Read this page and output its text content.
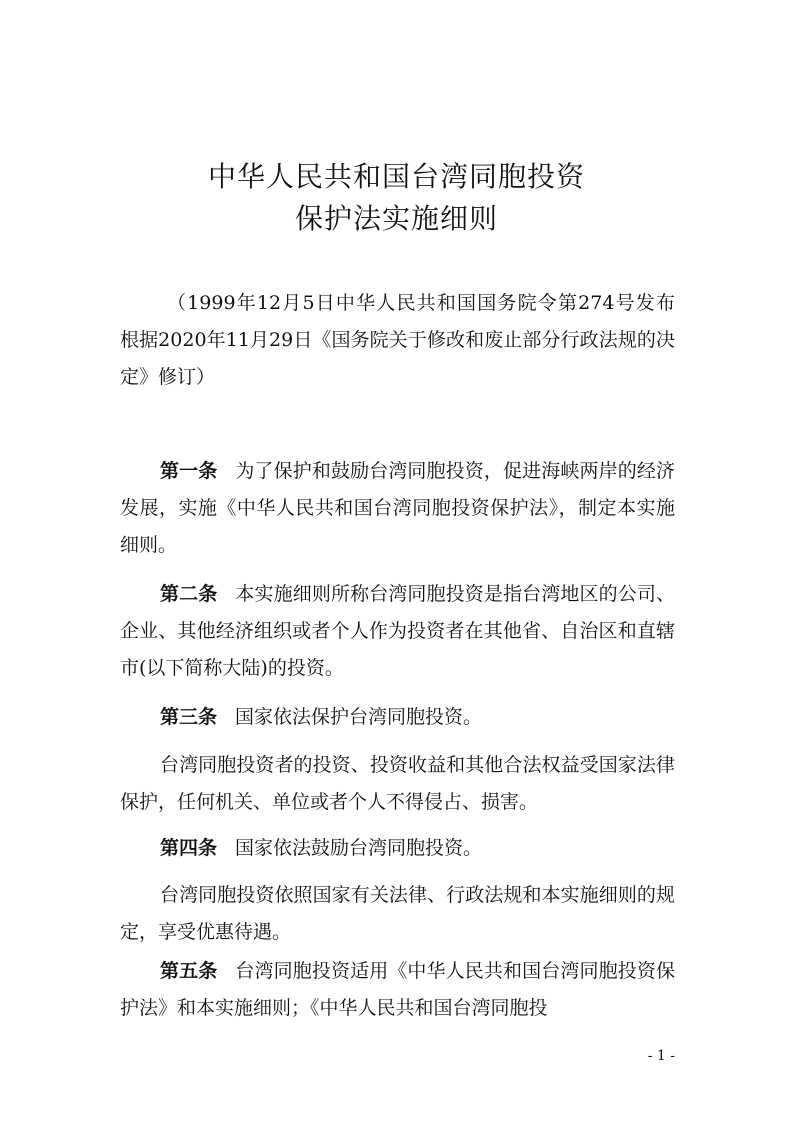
中华人民共和国台湾同胞投资
保护法实施细则

（1999年12月5日中华人民共和国国务院令第274号发布　根据2020年11月29日《国务院关于修改和废止部分行政法规的决定》修订）

第一条 为了保护和鼓励台湾同胞投资，促进海峡两岸的经济发展，实施《中华人民共和国台湾同胞投资保护法》，制定本实施细则。

第二条 本实施细则所称台湾同胞投资是指台湾地区的公司、企业、其他经济组织或者个人作为投资者在其他省、自治区和直辖市(以下简称大陆)的投资。

第三条 国家依法保护台湾同胞投资。

台湾同胞投资者的投资、投资收益和其他合法权益受国家法律保护，任何机关、单位或者个人不得侵占、损害。

第四条 国家依法鼓励台湾同胞投资。

台湾同胞投资依照国家有关法律、行政法规和本实施细则的规定，享受优惠待遇。

第五条 台湾同胞投资适用《中华人民共和国台湾同胞投资保护法》和本实施细则；《中华人民共和国台湾同胞投

- 1 -
